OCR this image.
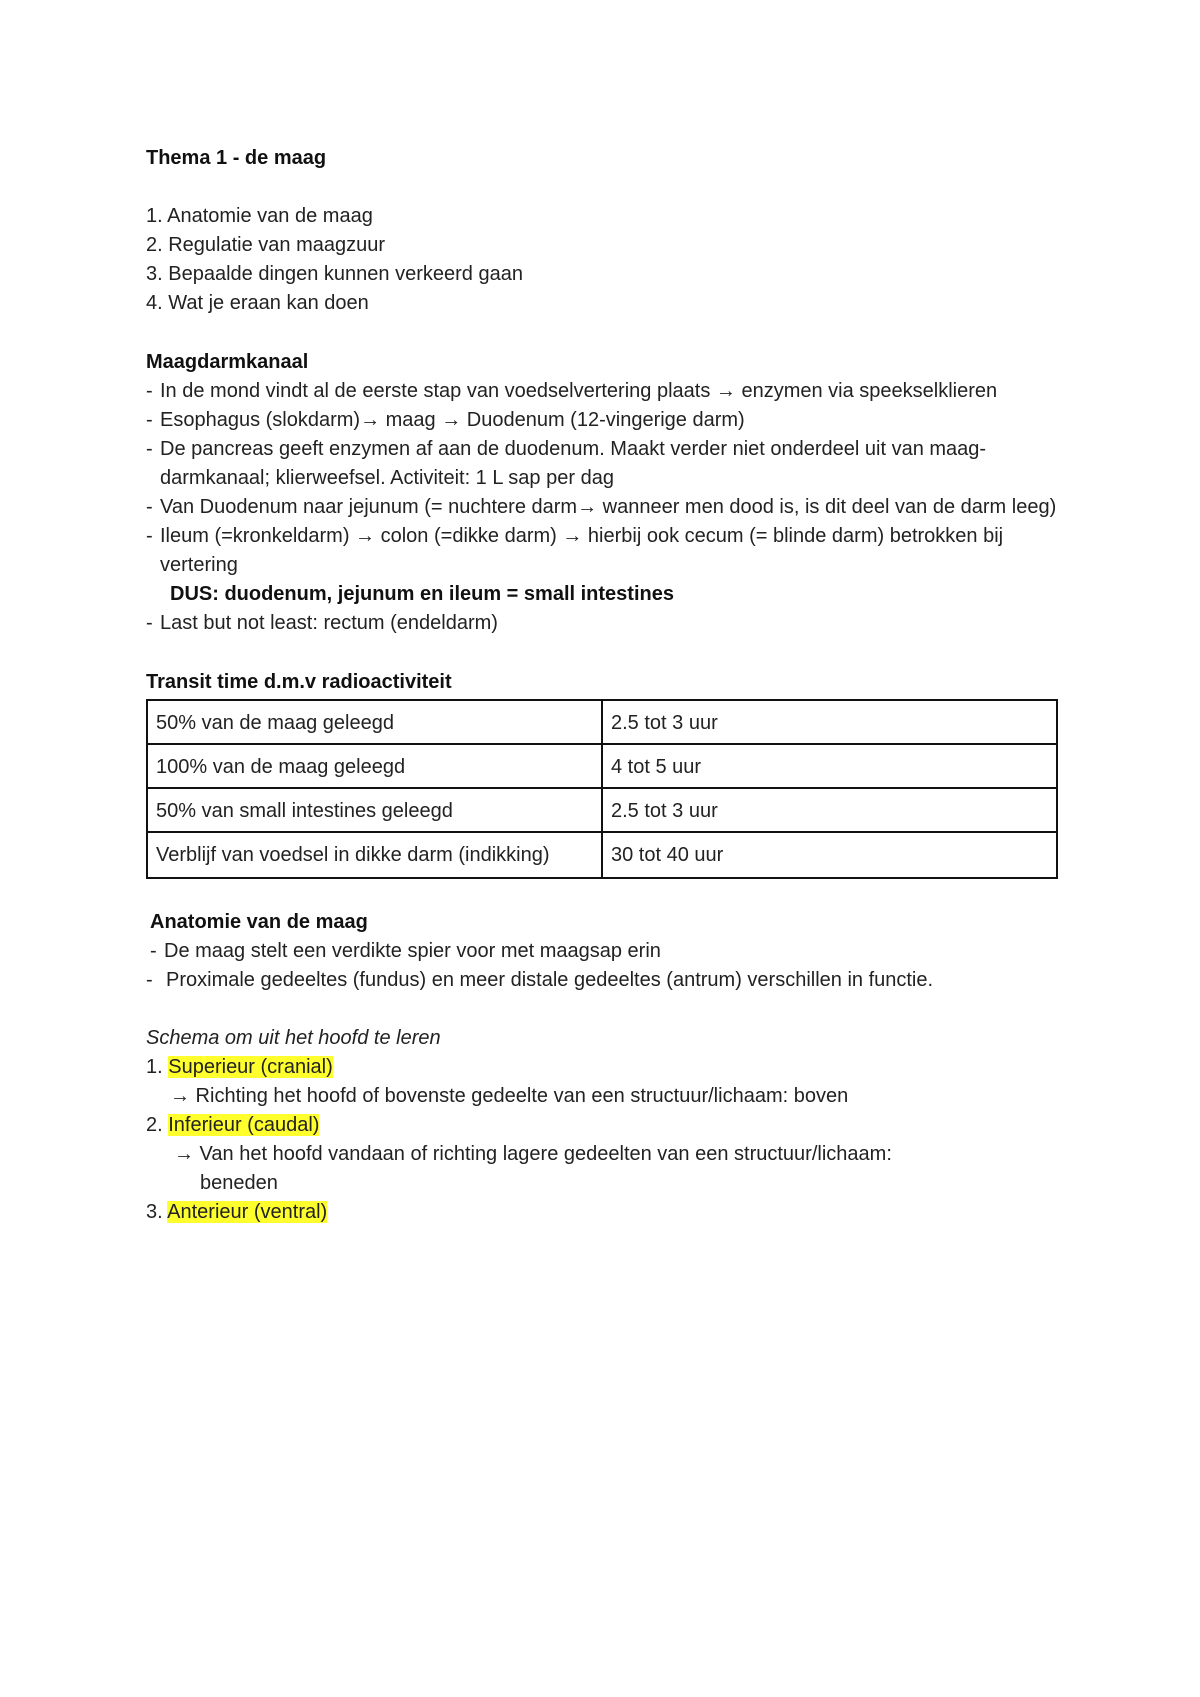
Thema 1 - de maag

1. Anatomie van de maag

2. Regulatie van maagzuur

3. Bepaalde dingen kunnen verkeerd gaan

4. Wat je eraan kan doen

Maagdarmkanaal

- In de mond vindt al de eerste stap van voedselvertering plaats → enzymen via speekselklieren
- Esophagus (slokdarm)→ maag → Duodenum (12-vingerige darm)
- De pancreas geeft enzymen af aan de duodenum. Maakt verder niet onderdeel uit van maag-darmkanaal; klierweefsel. Activiteit: 1 L sap per dag
- Van Duodenum naar jejunum (= nuchtere darm→ wanneer men dood is, is dit deel van de darm leeg)
- Ileum (=kronkeldarm) → colon (=dikke darm) → hierbij ook cecum (= blinde darm) betrokken bij vertering
DUS: duodenum, jejunum en ileum = small intestines
- Last but not least: rectum (endeldarm)

Transit time d.m.v radioactiviteit

50% van de maag geleegd	2.5 tot 3 uur
100% van de maag geleegd	4 tot 5 uur
50% van small intestines geleegd	2.5 tot 3 uur
Verblijf van voedsel in dikke darm (indikking)	30 tot 40 uur

Anatomie van de maag

- De maag stelt een verdikte spier voor met maagsap erin
- Proximale gedeeltes (fundus) en meer distale gedeeltes (antrum) verschillen in functie.

Schema om uit het hoofd te leren

1. Superieur (cranial)

→ Richting het hoofd of bovenste gedeelte van een structuur/lichaam: boven

2. Inferieur (caudal)

→ Van het hoofd vandaan of richting lagere gedeelten van een structuur/lichaam:
beneden

3. Anterieur (ventral)
